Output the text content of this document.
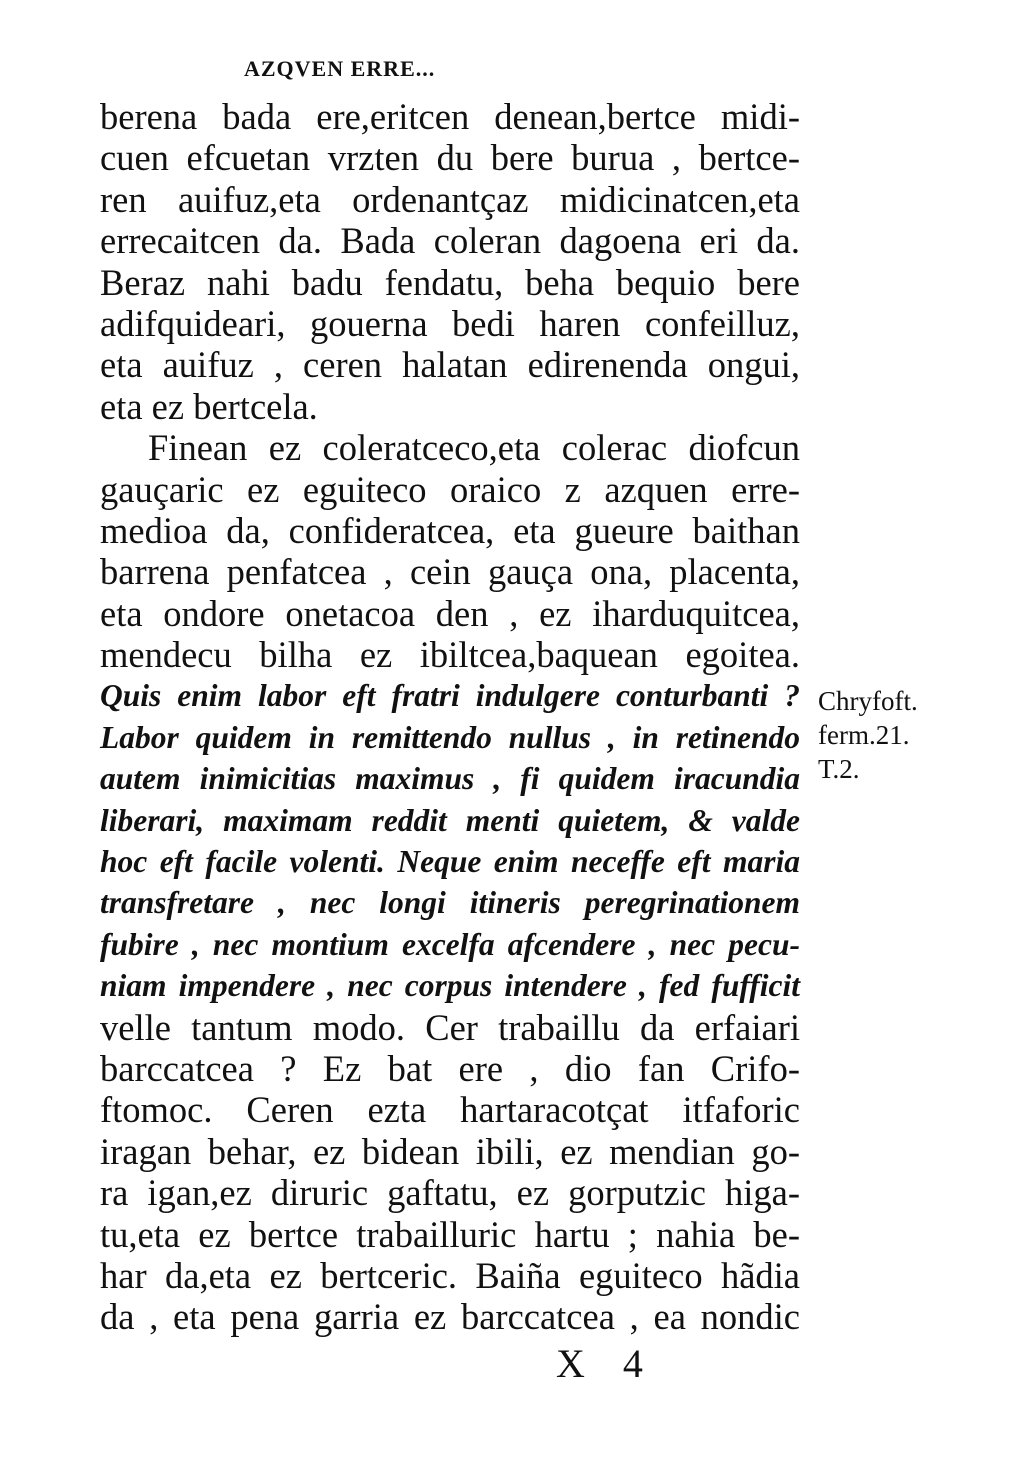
AZQVEN ERRE...
berena bada ere,eritcen denean,bertce midi-
cuen efcuetan vrzten du bere burua , bertce-
ren auifuz,eta ordenantçaz midicinatcen,eta
errecaitcen da. Bada coleran dagoena eri da.
Beraz nahi badu fendatu, beha bequio bere
adifquideari, gouerna bedi haren confeilluz,
eta auifuz , ceren halatan edirenenda ongui,
eta ez bertcela.
Finean ez coleratceco,eta colerac diofcun
gauçaric ez eguiteco oraico z azquen erre-
medioa da, confideratcea, eta gueure baithan
barrena penfatcea , cein gauça ona, placenta,
eta ondore onetacoa den , ez iharduquitcea,
mendecu bilha ez ibiltcea,baquean egoitea.
Quis enim labor eft fratri indulgere conturbanti ?
Labor quidem in remittendo nullus , in retinendo
autem inimicitias maximus , fi quidem iracundia
liberari, maximam reddit menti quietem, & valde
hoc eft facile volenti. Neque enim neceffe eft maria
transfretare , nec longi itineris peregrinationem
fubire , nec montium excelfa afcendere , nec pecu-
niam impendere , nec corpus intendere , fed fufficit
velle tantum modo. Cer trabaillu da erfaiari
barccatcea ? Ez bat ere , dio fan Crifo-
ftomoc. Ceren ezta hartaracotçat itfaforic
iragan behar, ez bidean ibili, ez mendian go-
ra igan,ez diruric gaftatu, ez gorputzic higa-
tu,eta ez bertce trabailluric hartu ; nahia be-
har da,eta ez bertceric. Baiña eguiteco hãdia
da , eta pena garria ez barccatcea , ea nondic
Chryfoft.
ferm.21.
T.2.
X 4
